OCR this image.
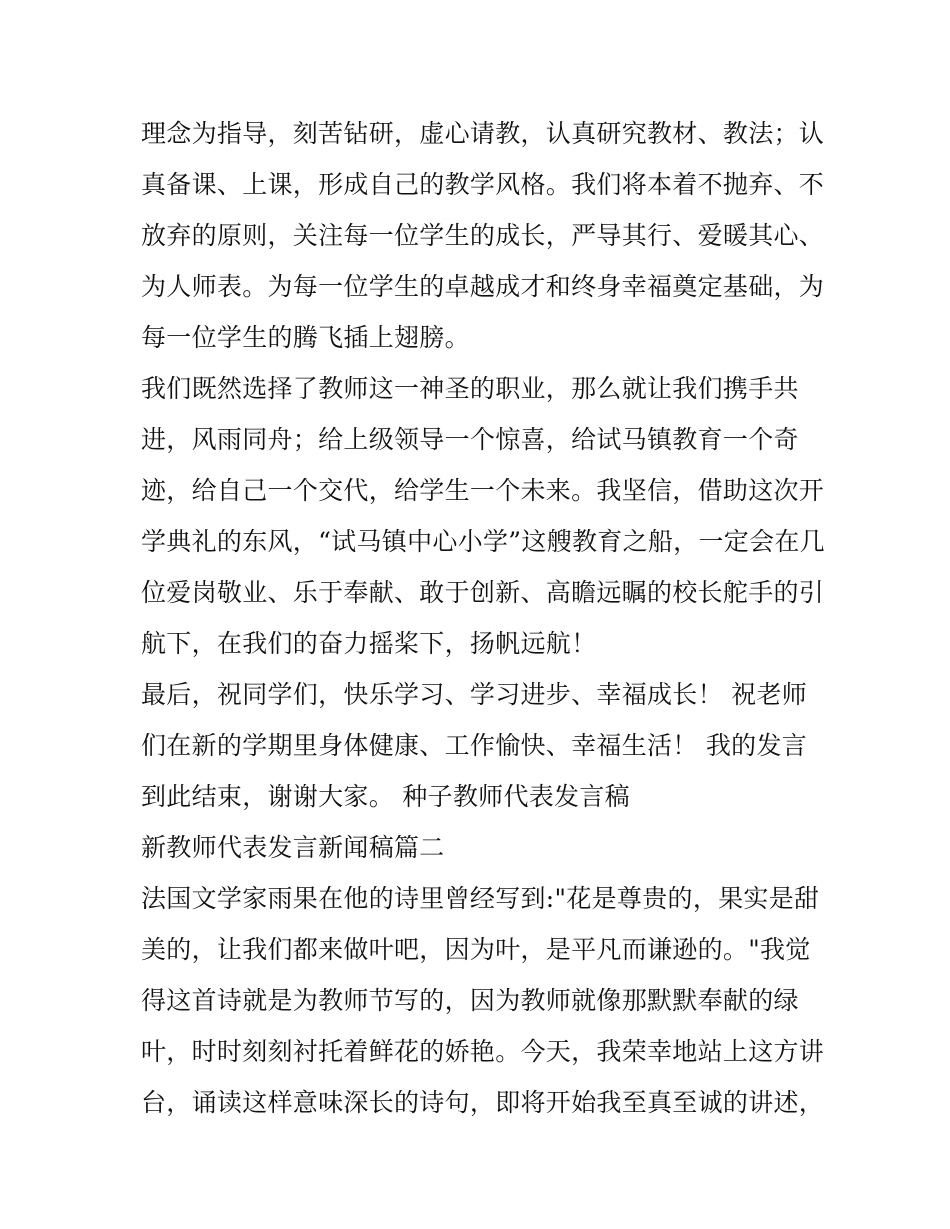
理念为指导，刻苦钻研，虚心请教，认真研究教材、教法；认
真备课、上课，形成自己的教学风格。我们将本着不抛弃、不
放弃的原则，关注每一位学生的成长，严导其行、爱暖其心、
为人师表。为每一位学生的卓越成才和终身幸福奠定基础，为
每一位学生的腾飞插上翅膀。
我们既然选择了教师这一神圣的职业，那么就让我们携手共
进，风雨同舟；给上级领导一个惊喜，给试马镇教育一个奇
迹，给自己一个交代，给学生一个未来。我坚信，借助这次开
学典礼的东风，“试马镇中心小学”这艘教育之船，一定会在几
位爱岗敬业、乐于奉献、敢于创新、高瞻远瞩的校长舵手的引
航下，在我们的奋力摇桨下，扬帆远航！
最后，祝同学们，快乐学习、学习进步、幸福成长！ 祝老师
们在新的学期里身体健康、工作愉快、幸福生活！ 我的发言
到此结束，谢谢大家。 种子教师代表发言稿
新教师代表发言新闻稿篇二
法国文学家雨果在他的诗里曾经写到:"花是尊贵的，果实是甜
美的，让我们都来做叶吧，因为叶，是平凡而谦逊的。"我觉
得这首诗就是为教师节写的，因为教师就像那默默奉献的绿
叶，时时刻刻衬托着鲜花的娇艳。今天，我荣幸地站上这方讲
台，诵读这样意味深长的诗句，即将开始我至真至诚的讲述，
